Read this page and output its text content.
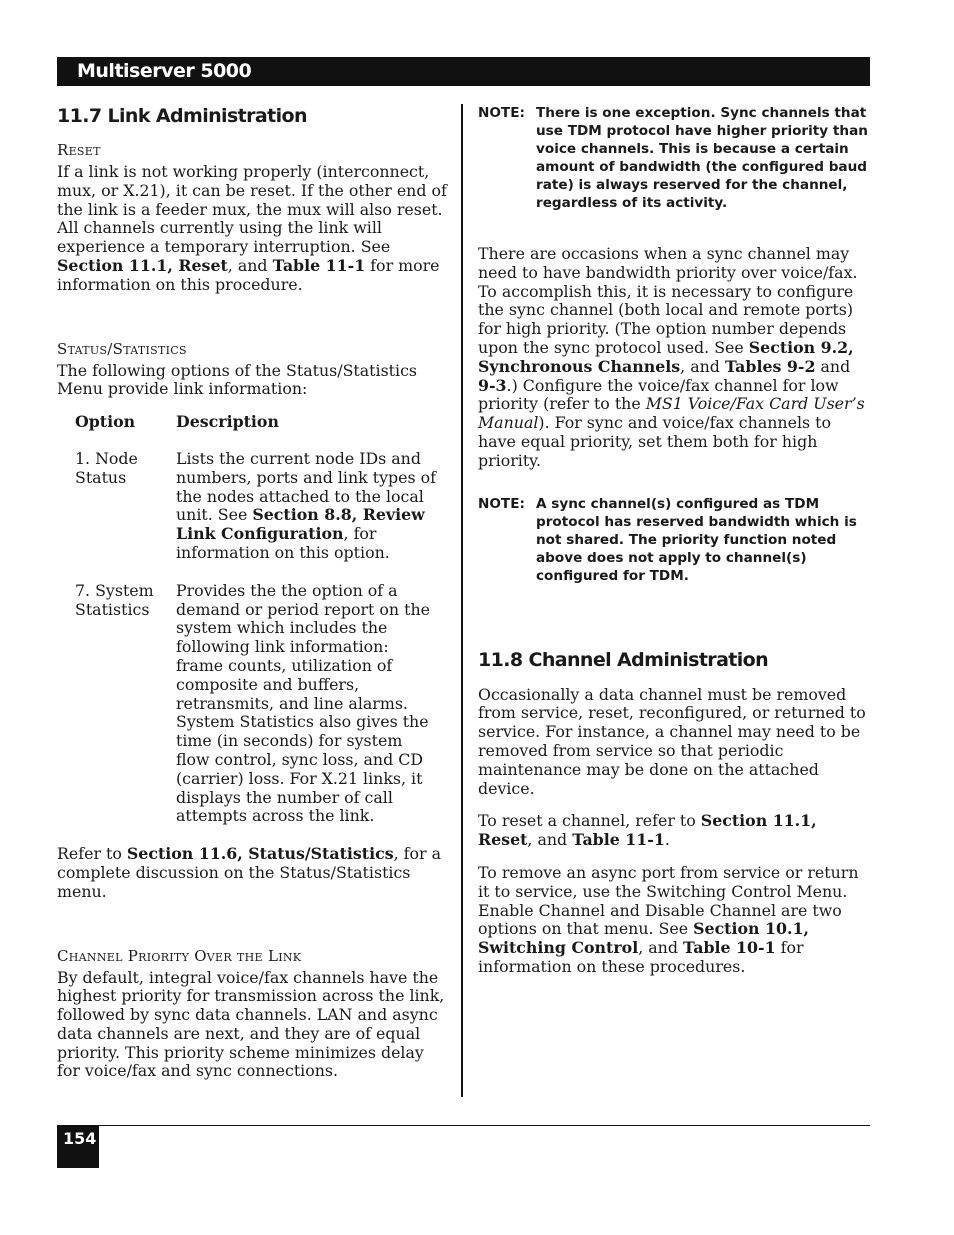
Multiserver 5000
11.7 Link Administration
Reset

If a link is not working properly (interconnect, mux, or X.21), it can be reset. If the other end of the link is a feeder mux, the mux will also reset. All channels currently using the link will experience a temporary interruption. See Section 11.1, Reset, and Table 11-1 for more information on this procedure.

Status/Statistics

The following options of the Status/Statistics Menu provide link information:

Option	Description
1. Node Status
Lists the current node IDs and numbers, ports and link types of the nodes attached to the local unit. See Section 8.8, Review Link Configuration, for information on this option.
7. System Statistics
Provides the the option of a demand or period report on the system which includes the following link information: frame counts, utilization of composite and buffers, retransmits, and line alarms. System Statistics also gives the time (in seconds) for system flow control, sync loss, and CD (carrier) loss. For X.21 links, it displays the number of call attempts across the link.

Refer to Section 11.6, Status/Statistics, for a complete discussion on the Status/Statistics menu.

Channel Priority Over the Link

By default, integral voice/fax channels have the highest priority for transmission across the link, followed by sync data channels. LAN and async data channels are next, and they are of equal priority. This priority scheme minimizes delay for voice/fax and sync connections.

NOTE: There is one exception. Sync channels that use TDM protocol have higher priority than voice channels. This is because a certain amount of bandwidth (the configured baud rate) is always reserved for the channel, regardless of its activity.

There are occasions when a sync channel may need to have bandwidth priority over voice/fax. To accomplish this, it is necessary to configure the sync channel (both local and remote ports) for high priority. (The option number depends upon the sync protocol used. See Section 9.2, Synchronous Channels, and Tables 9-2 and 9-3.) Configure the voice/fax channel for low priority (refer to the MS1 Voice/Fax Card User’s Manual). For sync and voice/fax channels to have equal priority, set them both for high priority.

NOTE: A sync channel(s) configured as TDM protocol has reserved bandwidth which is not shared. The priority function noted above does not apply to channel(s) configured for TDM.
11.8 Channel Administration

Occasionally a data channel must be removed from service, reset, reconfigured, or returned to service. For instance, a channel may need to be removed from service so that periodic maintenance may be done on the attached device.

To reset a channel, refer to Section 11.1, Reset, and Table 11-1.

To remove an async port from service or return it to service, use the Switching Control Menu. Enable Channel and Disable Channel are two options on that menu. See Section 10.1, Switching Control, and Table 10-1 for information on these procedures.

154
